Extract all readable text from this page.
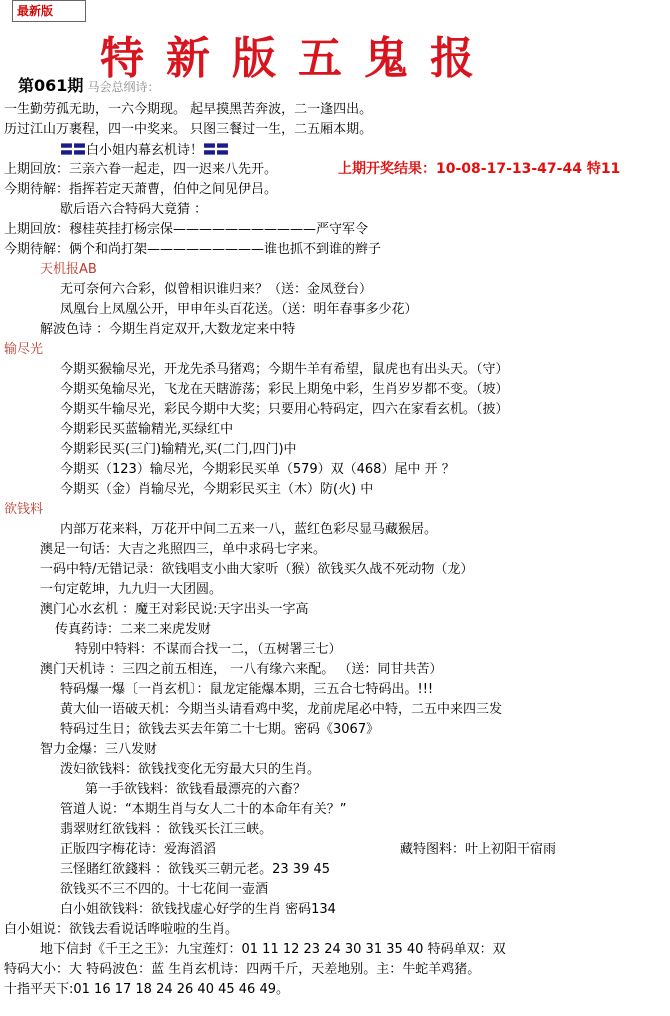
最新版
特新版五鬼报
第061期 马会总纲诗：
一生勤劳孤无助，一六今期现。 起早摸黑苦奔波，二一逢四出。
历过江山万裹程，四一中奖来。 只图三餐过一生，二五厢本期。
〓〓白小姐内幕玄机诗！〓〓
上期回放：三亲六眷一起走，四一迟来八先开。	上期开奖结果：10-08-17-13-47-44 特11
今期待解：指挥若定天萧曹，伯仲之间见伊吕。
歇后语六合特码大竟猜 ：
上期回放：穆桂英挂打杨宗保———————————严守军令
今期待解：俩个和尚打架—————————谁也抓不到谁的辫子
天机报AB
无可奈何六合彩，似曾相识谁归来？（送：金凤登台）
凤凰台上凤凰公开，甲申年头百花送。（送：明年春事多少花）
解波色诗 ：今期生肖定双开,大数龙定来中特
输尽光
今期买猴输尽光，开龙先杀马猪鸡；今期牛羊有希望，鼠虎也有出头天。（守）
今期买兔输尽光，飞龙在天瞎游荡；彩民上期兔中彩，生肖岁岁都不变。（坡）
今期买牛输尽光，彩民今期中大奖；只要用心特码定，四六在家看玄机。（披）
今期彩民买蓝输精光,买绿红中
今期彩民买(三门)输精光,买(二门,四门)中
今期买（123）输尽光，今期彩民买单（579）双（468）尾中 开 ？
今期买（金）肖输尽光，今期彩民买主（木）防(火) 中
欲钱料
内部万花来料，万花开中间二五来一八，蓝红色彩尽显马藏猴居。
澳足一句话：大吉之兆照四三，单中求码七字来。
一码中特/无错记录：欲钱唱支小曲大家听（猴）欲钱买久战不死动物（龙）
一句定乾坤，九九归一大团圆。
澳门心水玄机 ：魔王对彩民说:天字出头一字高
传真药诗：二来二来虎发财
特别中特料：不谋而合找一二，（五树署三七）
澳门天机诗 ：三四之前五相连， 一八有缘六来配。 （送：同甘共苦）
特码爆一爆〔一肖玄机〕：鼠龙定能爆本期，三五合七特码出。!!!
黄大仙一语破天机：今期当头请看鸡中奖，龙前虎尾必中特，二五中来四三发
特码过生日；欲钱去买去年第二十七期。密码《3067》
智力金爆：三八发财
泼妇欲钱料：欲钱找变化无穷最大只的生肖。
第一手欲钱料：欲钱看最漂亮的六畜？
管道人说：“本期生肖与女人二十的本命年有关？”
翡翠财红欲钱料 ：欲钱买长江三峡。
正版四字梅花诗：爱海滔滔	藏特图料：叶上初阳干宿雨
三怪賭红欲錢料 ：欲钱买三朝元老。23 39 45
欲钱买不三不四的。十七花间一壶酒
白小姐欲钱料：欲钱找虚心好学的生肖 密码134
白小姐说：欲钱去看说话哗啦啦的生肖。
地下信封《千王之王》：九宝莲灯：01 11 12 23 24 30 31 35 40 特码单双：双
特码大小：大 特码波色：蓝 生肖玄机诗：四两千斤，天差地别。主：牛蛇羊鸡猪。
十指平天下:01 16 17 18 24 26 40 45 46 49。
